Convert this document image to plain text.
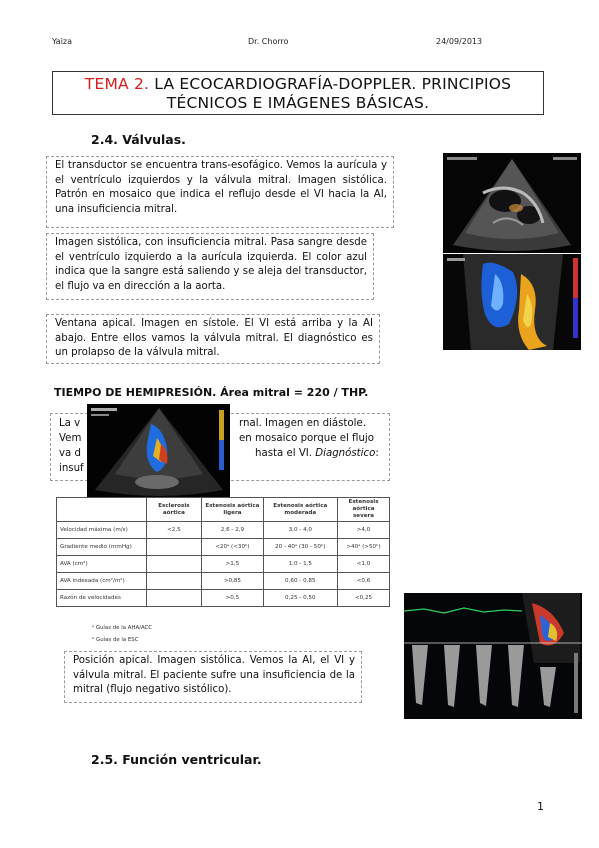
Yaiza	Dr. Chorro	24/09/2013
TEMA 2. LA ECOCARDIOGRAFÍA-DOPPLER. PRINCIPIOS
TÉCNICOS E IMÁGENES BÁSICAS.
2.4. Válvulas.
El transductor se encuentra trans-esofágico. Vemos la aurícula y el ventrículo izquierdos y la válvula mitral. Imagen sistólica. Patrón en mosaico que indica el reflujo desde el VI hacia la AI, una insuficiencia mitral.
Imagen sistólica, con insuficiencia mitral. Pasa sangre desde el ventrículo izquierdo a la aurícula izquierda. El color azul indica que la sangre está saliendo y se aleja del transductor, el flujo va en dirección a la aorta.
Ventana apical. Imagen en sístole. El VI está arriba y la AI abajo. Entre ellos vamos la válvula mitral. El diagnóstico es un prolapso de la válvula mitral.
TIEMPO DE HEMIPRESIÓN. Área mitral = 220 / THP.
La v	rnal. Imagen en diástole.
Vem	en mosaico porque el flujo
va d	hasta el VI. Diagnóstico:
insuf
	Esclerosis aórtica	Estenosis aórtica ligera	Estenosis aórtica moderada	Estenosis aórtica severa
Velocidad máxima (m/s)	<2,5	2,6 - 2,9	3,0 - 4,0	>4,0
Gradiente medio (mmHg)		<20ᵃ (<30ᵇ)	20 - 40ᵃ (30 - 50ᵇ)	>40ᵃ (>50ᵇ)
AVA (cm²)		>1,5	1,0 - 1,5	<1,0
AVA indexada (cm²/m²)		>0,85	0,60 - 0,85	<0,6
Razón de velocidades		>0,5	0,25 - 0,50	<0,25
ᵃ Guías de la AHA/ACC
ᵇ Guías de la ESC
Posición apical. Imagen sistólica. Vemos la AI, el VI y válvula mitral. El paciente sufre una insuficiencia de la mitral (flujo negativo sistólico).
2.5. Función ventricular.
1
